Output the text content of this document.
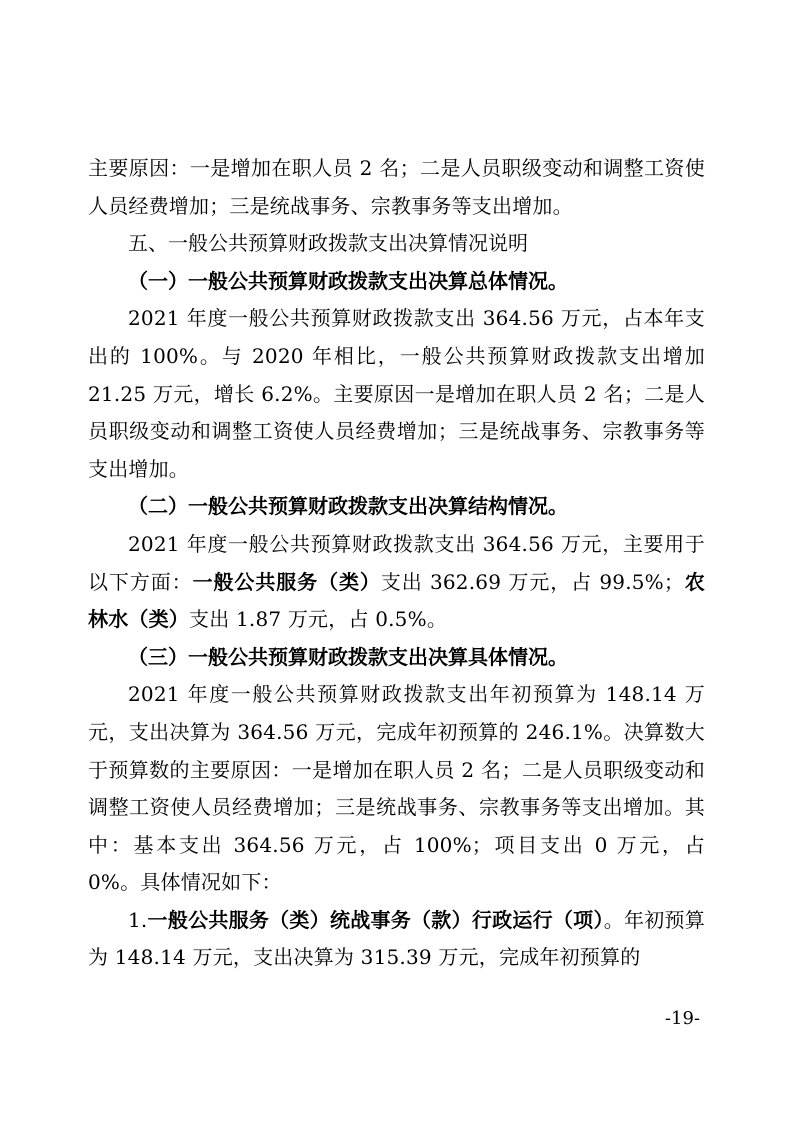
主要原因：一是增加在职人员 2 名；二是人员职级变动和调整工资使人员经费增加；三是统战事务、宗教事务等支出增加。

五、一般公共预算财政拨款支出决算情况说明

（一）一般公共预算财政拨款支出决算总体情况。

2021 年度一般公共预算财政拨款支出 364.56 万元，占本年支出的 100%。与 2020 年相比，一般公共预算财政拨款支出增加 21.25 万元，增长 6.2%。主要原因一是增加在职人员 2 名；二是人员职级变动和调整工资使人员经费增加；三是统战事务、宗教事务等支出增加。

（二）一般公共预算财政拨款支出决算结构情况。

2021 年度一般公共预算财政拨款支出 364.56 万元，主要用于以下方面：一般公共服务（类）支出 362.69 万元，占 99.5%；农林水（类）支出 1.87 万元，占 0.5%。

（三）一般公共预算财政拨款支出决算具体情况。

2021 年度一般公共预算财政拨款支出年初预算为 148.14 万元，支出决算为 364.56 万元，完成年初预算的 246.1%。决算数大于预算数的主要原因：一是增加在职人员 2 名；二是人员职级变动和调整工资使人员经费增加；三是统战事务、宗教事务等支出增加。其中：基本支出 364.56 万元，占 100%；项目支出 0 万元，占 0%。具体情况如下：

1.一般公共服务（类）统战事务（款）行政运行（项）。年初预算为 148.14 万元，支出决算为 315.39 万元，完成年初预算的

-19-
